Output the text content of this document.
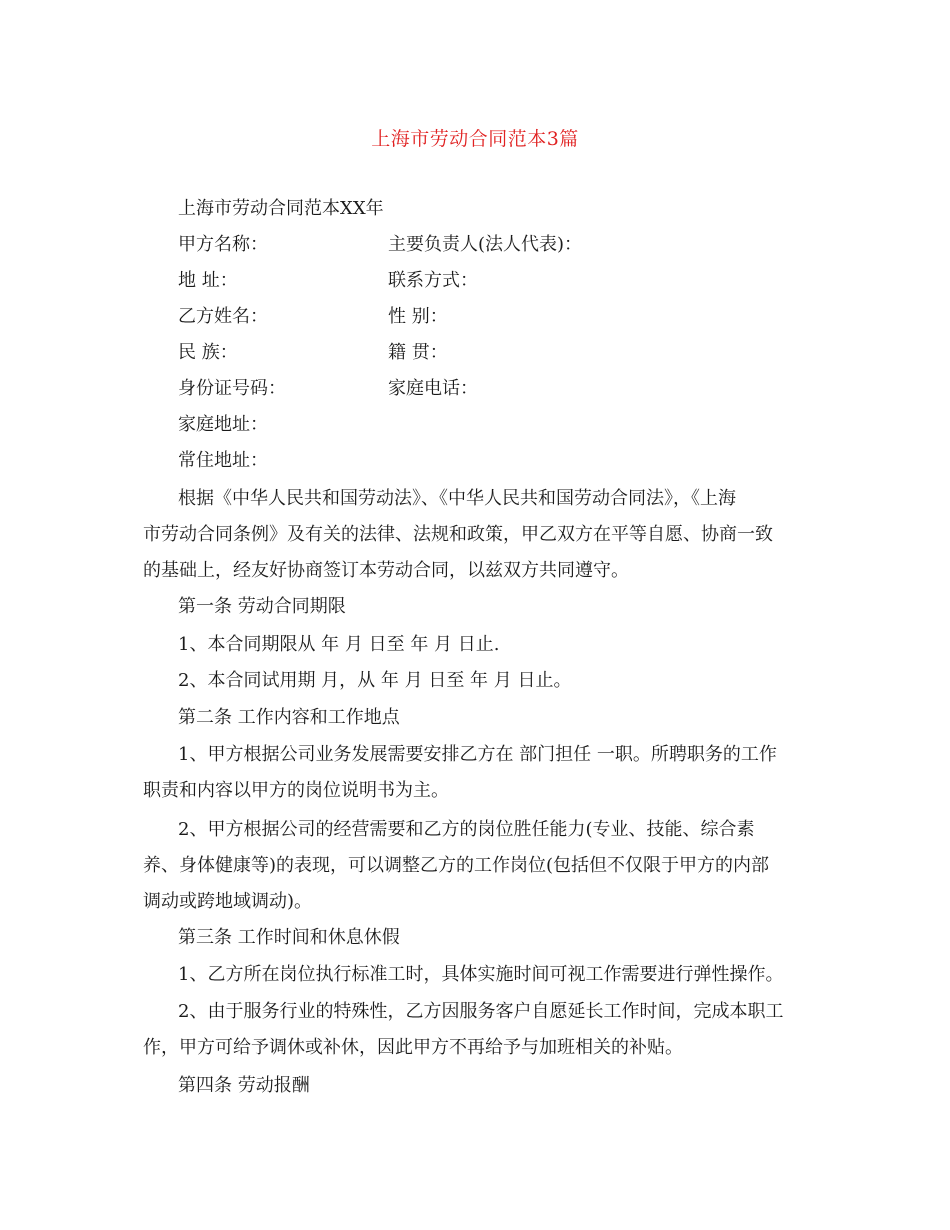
上海市劳动合同范本3篇
上海市劳动合同范本XX年
甲方名称：	主要负责人(法人代表)：
地 址：	联系方式：
乙方姓名：	性 别：
民 族：	籍 贯：
身份证号码：	家庭电话：
家庭地址：
常住地址：
根据《中华人民共和国劳动法》、《中华人民共和国劳动合同法》，《上海
市劳动合同条例》及有关的法律、法规和政策，甲乙双方在平等自愿、协商一致
的基础上，经友好协商签订本劳动合同，以兹双方共同遵守。
第一条 劳动合同期限
1、本合同期限从 年 月 日至 年 月 日止.
2、本合同试用期 月，从 年 月 日至 年 月 日止。
第二条 工作内容和工作地点
1、甲方根据公司业务发展需要安排乙方在 部门担任 一职。所聘职务的工作
职责和内容以甲方的岗位说明书为主。
2、甲方根据公司的经营需要和乙方的岗位胜任能力(专业、技能、综合素
养、身体健康等)的表现，可以调整乙方的工作岗位(包括但不仅限于甲方的内部
调动或跨地域调动)。
第三条 工作时间和休息休假
1、乙方所在岗位执行标准工时，具体实施时间可视工作需要进行弹性操作。
2、由于服务行业的特殊性，乙方因服务客户自愿延长工作时间，完成本职工
作，甲方可给予调休或补休，因此甲方不再给予与加班相关的补贴。
第四条 劳动报酬
